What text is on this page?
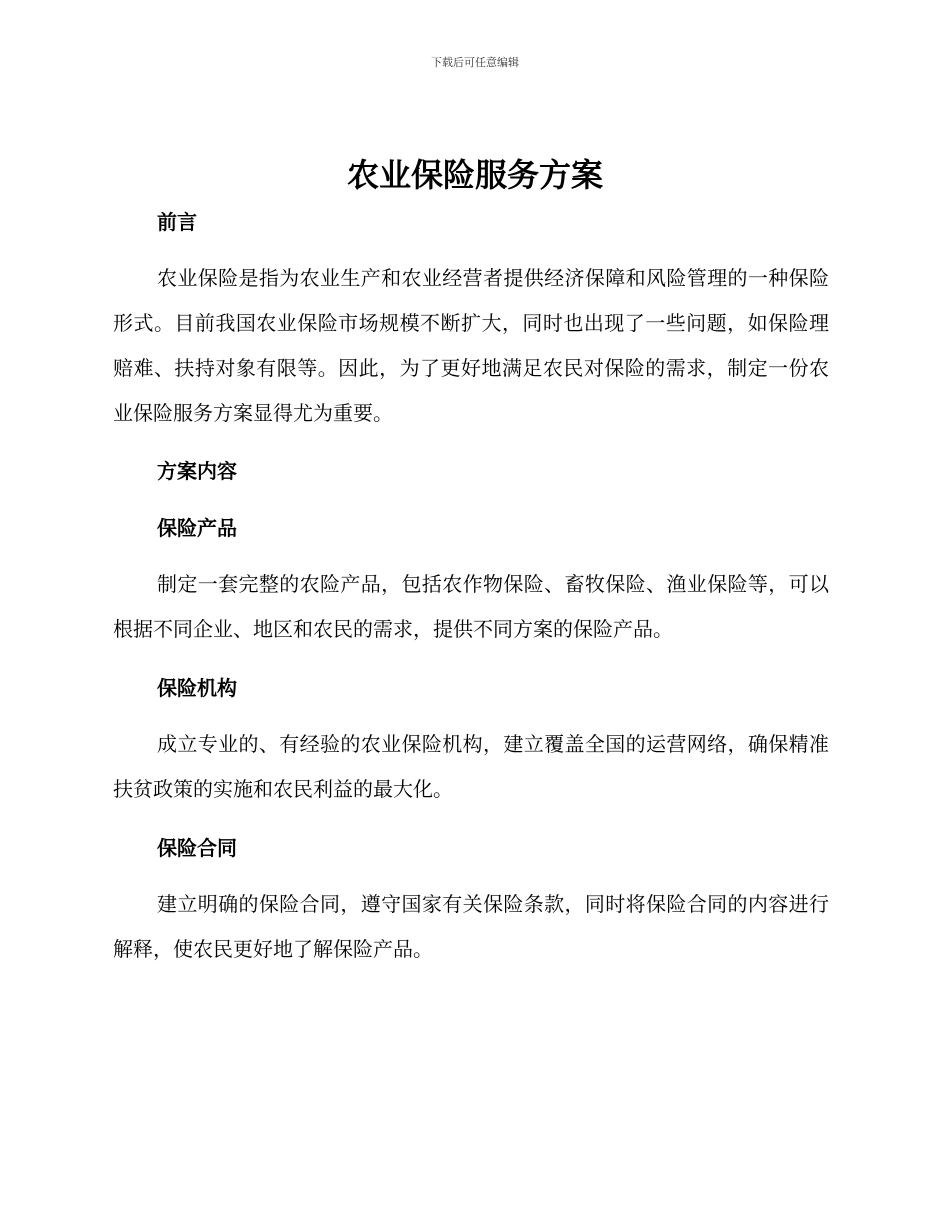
下载后可任意编辑
农业保险服务方案
前言

农业保险是指为农业生产和农业经营者提供经济保障和风险管理的一种保险形式。目前我国农业保险市场规模不断扩大，同时也出现了一些问题，如保险理赔难、扶持对象有限等。因此，为了更好地满足农民对保险的需求，制定一份农业保险服务方案显得尤为重要。

方案内容
保险产品

制定一套完整的农险产品，包括农作物保险、畜牧保险、渔业保险等，可以根据不同企业、地区和农民的需求，提供不同方案的保险产品。

保险机构

成立专业的、有经验的农业保险机构，建立覆盖全国的运营网络，确保精准扶贫政策的实施和农民利益的最大化。

保险合同

建立明确的保险合同，遵守国家有关保险条款，同时将保险合同的内容进行解释，使农民更好地了解保险产品。
